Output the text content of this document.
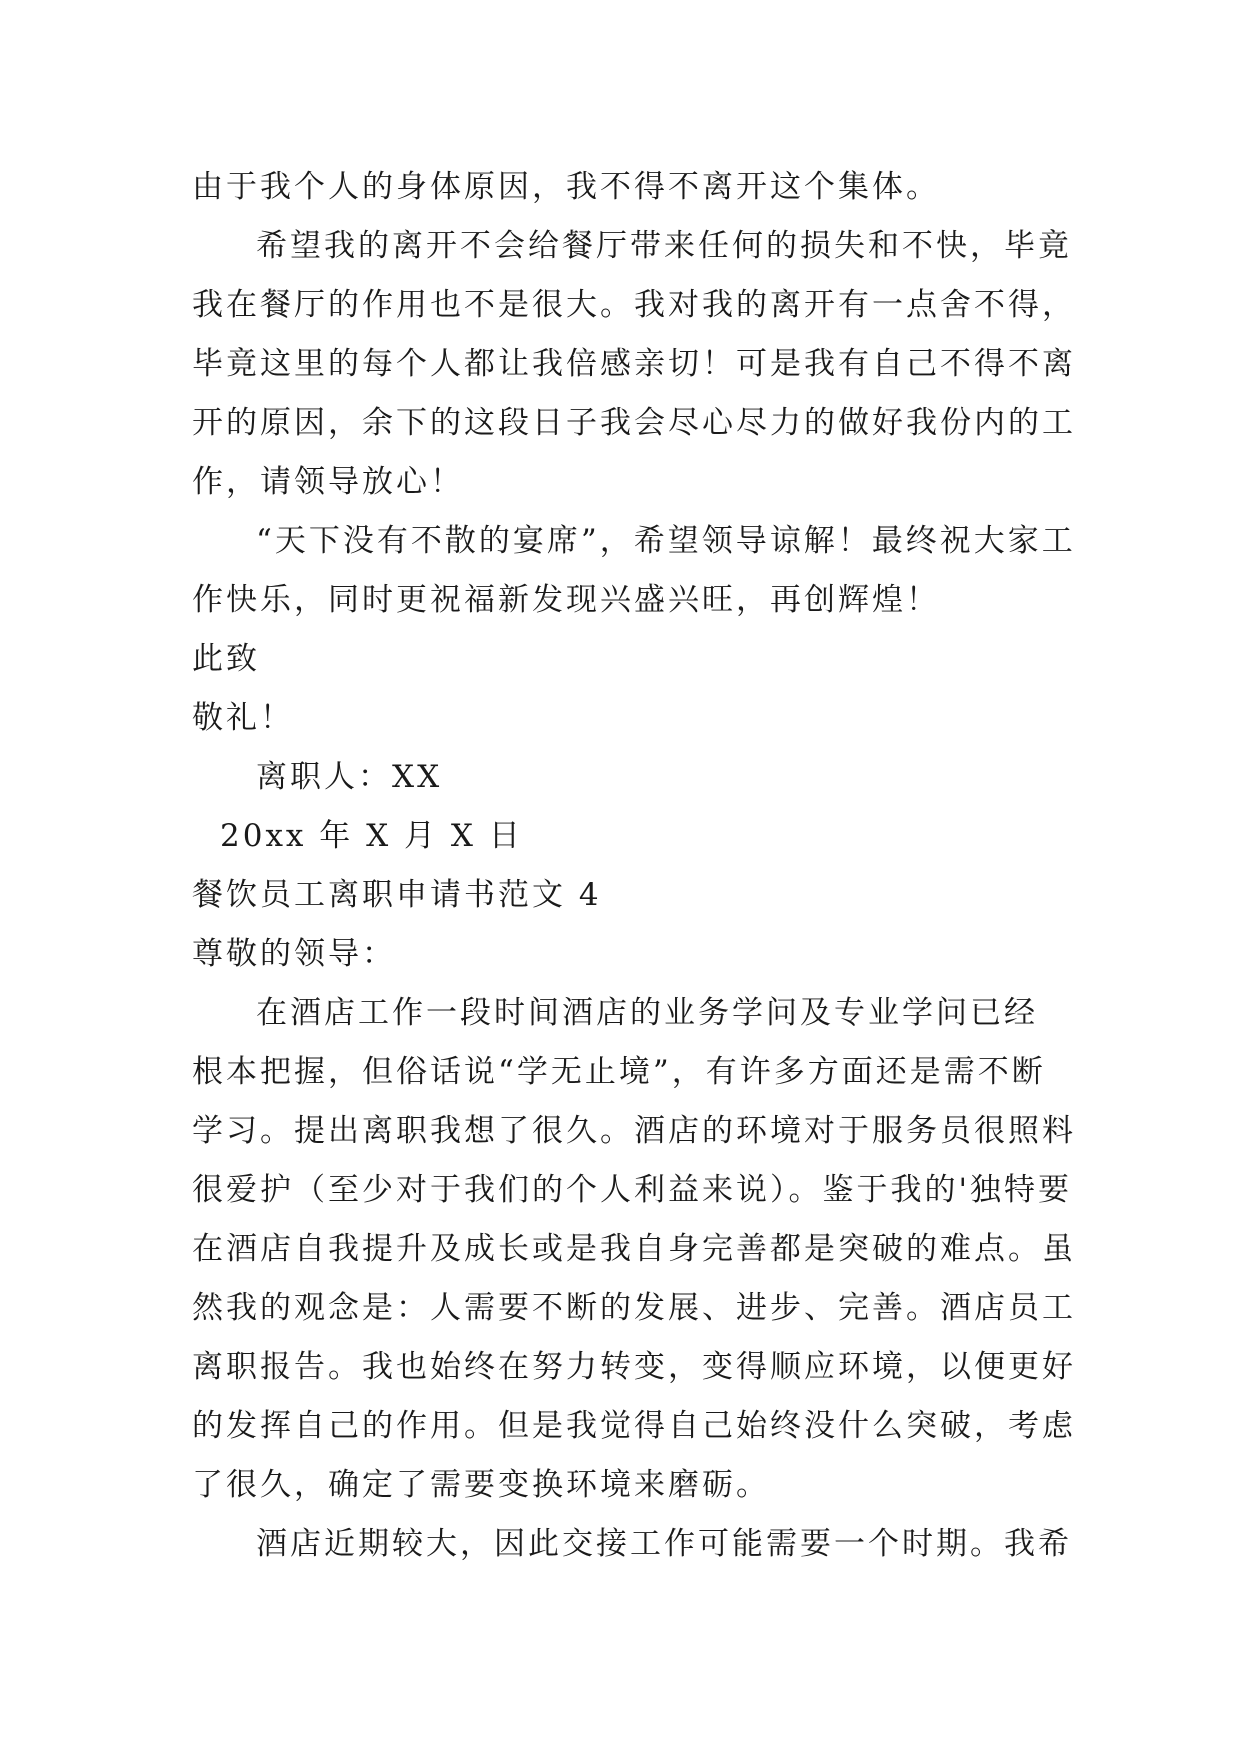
由于我个人的身体原因，我不得不离开这个集体。
希望我的离开不会给餐厅带来任何的损失和不快，毕竟
我在餐厅的作用也不是很大。我对我的离开有一点舍不得，
毕竟这里的每个人都让我倍感亲切！可是我有自己不得不离
开的原因，余下的这段日子我会尽心尽力的做好我份内的工
作，请领导放心！
“天下没有不散的宴席”，希望领导谅解！最终祝大家工
作快乐，同时更祝福新发现兴盛兴旺，再创辉煌！
此致
敬礼！
离职人：XX
20xx 年 X 月 X 日
餐饮员工离职申请书范文 4
尊敬的领导：
在酒店工作一段时间酒店的业务学问及专业学问已经
根本把握，但俗话说“学无止境”，有许多方面还是需不断
学习。提出离职我想了很久。酒店的环境对于服务员很照料
很爱护（至少对于我们的个人利益来说）。鉴于我的'独特要
在酒店自我提升及成长或是我自身完善都是突破的难点。虽
然我的观念是：人需要不断的发展、进步、完善。酒店员工
离职报告。我也始终在努力转变，变得顺应环境，以便更好
的发挥自己的作用。但是我觉得自己始终没什么突破，考虑
了很久，确定了需要变换环境来磨砺。
酒店近期较大，因此交接工作可能需要一个时期。我希
